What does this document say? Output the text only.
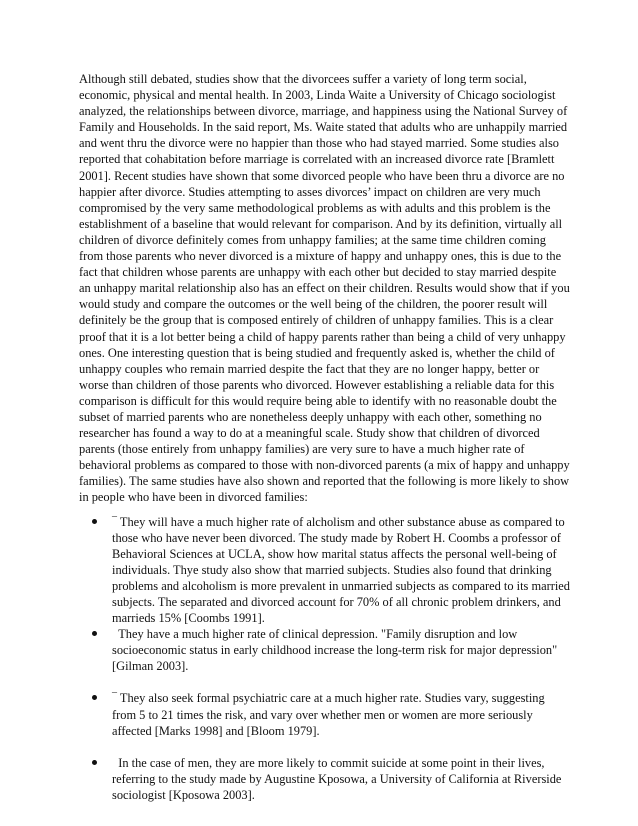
Although still debated, studies show that the divorcees suffer a variety of long term social, economic, physical and mental health. In 2003, Linda Waite a University of Chicago sociologist analyzed, the relationships between divorce, marriage, and happiness using the National Survey of Family and Households. In the said report, Ms. Waite stated that adults who are unhappily married and went thru the divorce were no happier than those who had stayed married. Some studies also reported that cohabitation before marriage is correlated with an increased divorce rate [Bramlett 2001]. Recent studies have shown that some divorced people who have been thru a divorce are no happier after divorce. Studies attempting to asses divorces’ impact on children are very much compromised by the very same methodological problems as with adults and this problem is the establishment of a baseline that would relevant for comparison. And by its definition, virtually all children of divorce definitely comes from unhappy families; at the same time children coming from those parents who never divorced is a mixture of happy and unhappy ones, this is due to the fact that children whose parents are unhappy with each other but decided to stay married despite an unhappy marital relationship also has an effect on their children. Results would show that if you would study and compare the outcomes or the well being of the children, the poorer result will definitely be the group that is composed entirely of children of unhappy families. This is a clear proof that it is a lot better being a child of happy parents rather than being a child of very unhappy ones. One interesting question that is being studied and frequently asked is, whether the child of unhappy couples who remain married despite the fact that they are no longer happy, better or worse than children of those parents who divorced. However establishing a reliable data for this comparison is difficult for this would require being able to identify with no reasonable doubt the subset of married parents who are nonetheless deeply unhappy with each other, something no researcher has found a way to do at a meaningful scale. Study show that children of divorced parents (those entirely from unhappy families) are very sure to have a much higher rate of behavioral problems as compared to those with non-divorced parents (a mix of happy and unhappy families). The same studies have also shown and reported that the following is more likely to show in people who have been in divorced families:

¯ They will have a much higher rate of alcholism and other substance abuse as compared to those who have never been divorced. The study made by Robert H. Coombs a professor of Behavioral Sciences at UCLA, show how marital status affects the personal well-being of individuals. Thye study also show that married subjects. Studies also found that drinking problems and alcoholism is more prevalent in unmarried subjects as compared to its married subjects. The separated and divorced account for 70% of all chronic problem drinkers, and marrieds 15% [Coombs 1991].
They have a much higher rate of clinical depression. "Family disruption and low socioeconomic status in early childhood increase the long-term risk for major depression" [Gilman 2003].
¯ They also seek formal psychiatric care at a much higher rate. Studies vary, suggesting from 5 to 21 times the risk, and vary over whether men or women are more seriously affected [Marks 1998] and [Bloom 1979].
In the case of men, they are more likely to commit suicide at some point in their lives, referring to the study made by Augustine Kposowa, a University of California at Riverside sociologist [Kposowa 2003].
